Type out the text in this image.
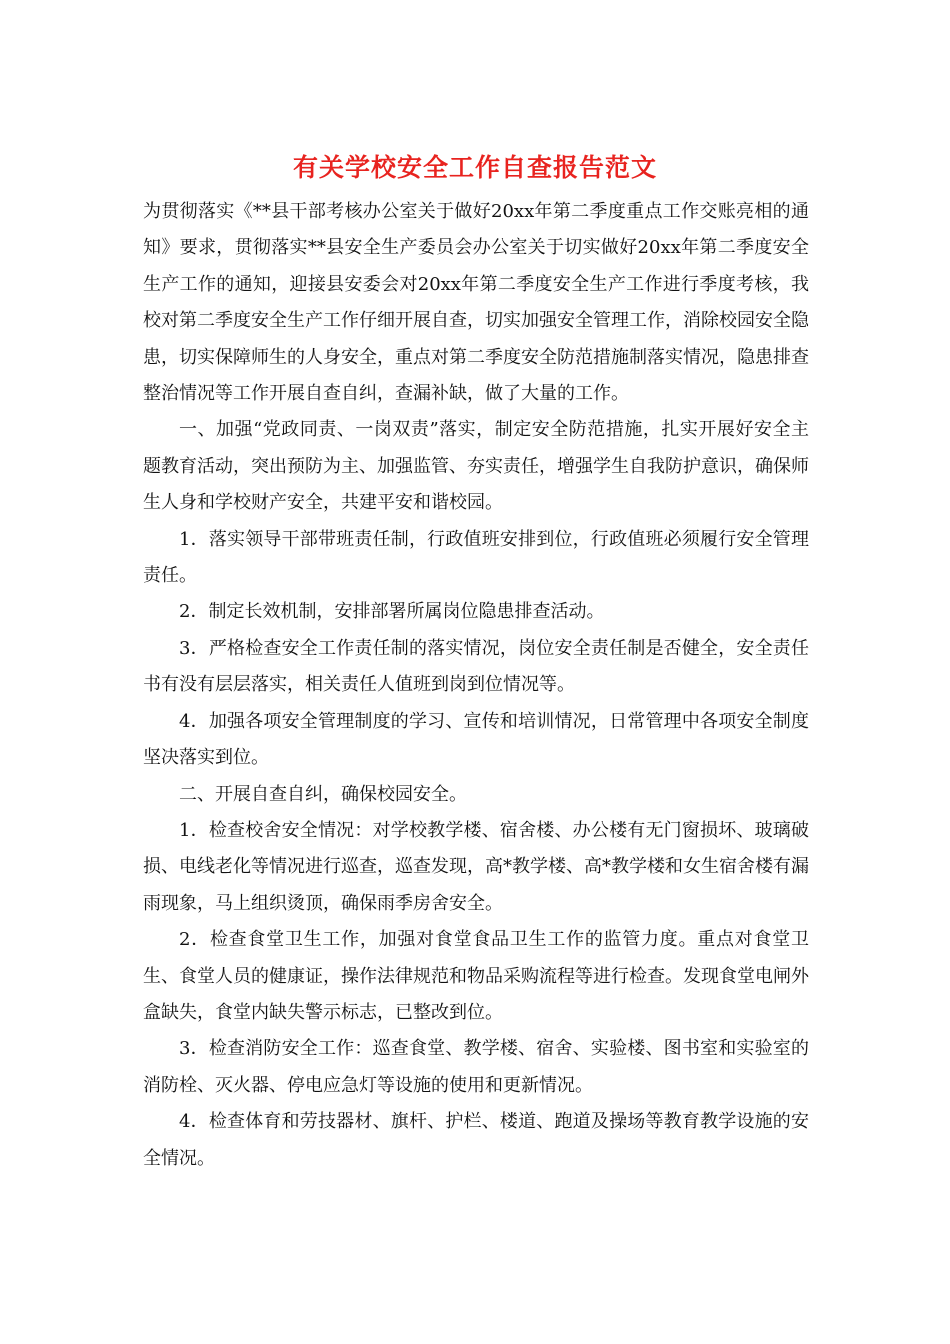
有关学校安全工作自查报告范文

为贯彻落实《**县干部考核办公室关于做好20xx年第二季度重点工作交账亮相的通知》要求，贯彻落实**县安全生产委员会办公室关于切实做好20xx年第二季度安全生产工作的通知，迎接县安委会对20xx年第二季度安全生产工作进行季度考核，我校对第二季度安全生产工作仔细开展自查，切实加强安全管理工作，消除校园安全隐患，切实保障师生的人身安全，重点对第二季度安全防范措施制落实情况，隐患排查整治情况等工作开展自查自纠，查漏补缺，做了大量的工作。

一、加强“党政同责、一岗双责”落实，制定安全防范措施，扎实开展好安全主题教育活动，突出预防为主、加强监管、夯实责任，增强学生自我防护意识，确保师生人身和学校财产安全，共建平安和谐校园。

1．落实领导干部带班责任制，行政值班安排到位，行政值班必须履行安全管理责任。

2．制定长效机制，安排部署所属岗位隐患排查活动。

3．严格检查安全工作责任制的落实情况，岗位安全责任制是否健全，安全责任书有没有层层落实，相关责任人值班到岗到位情况等。

4．加强各项安全管理制度的学习、宣传和培训情况，日常管理中各项安全制度坚决落实到位。

二、开展自查自纠，确保校园安全。

1．检查校舍安全情况：对学校教学楼、宿舍楼、办公楼有无门窗损坏、玻璃破损、电线老化等情况进行巡查，巡查发现，高*教学楼、高*教学楼和女生宿舍楼有漏雨现象，马上组织烫顶，确保雨季房舍安全。

2．检查食堂卫生工作，加强对食堂食品卫生工作的监管力度。重点对食堂卫生、食堂人员的健康证，操作法律规范和物品采购流程等进行检查。发现食堂电闸外盒缺失，食堂内缺失警示标志，已整改到位。

3．检查消防安全工作：巡查食堂、教学楼、宿舍、实验楼、图书室和实验室的消防栓、灭火器、停电应急灯等设施的使用和更新情况。

4．检查体育和劳技器材、旗杆、护栏、楼道、跑道及操场等教育教学设施的安全情况。
